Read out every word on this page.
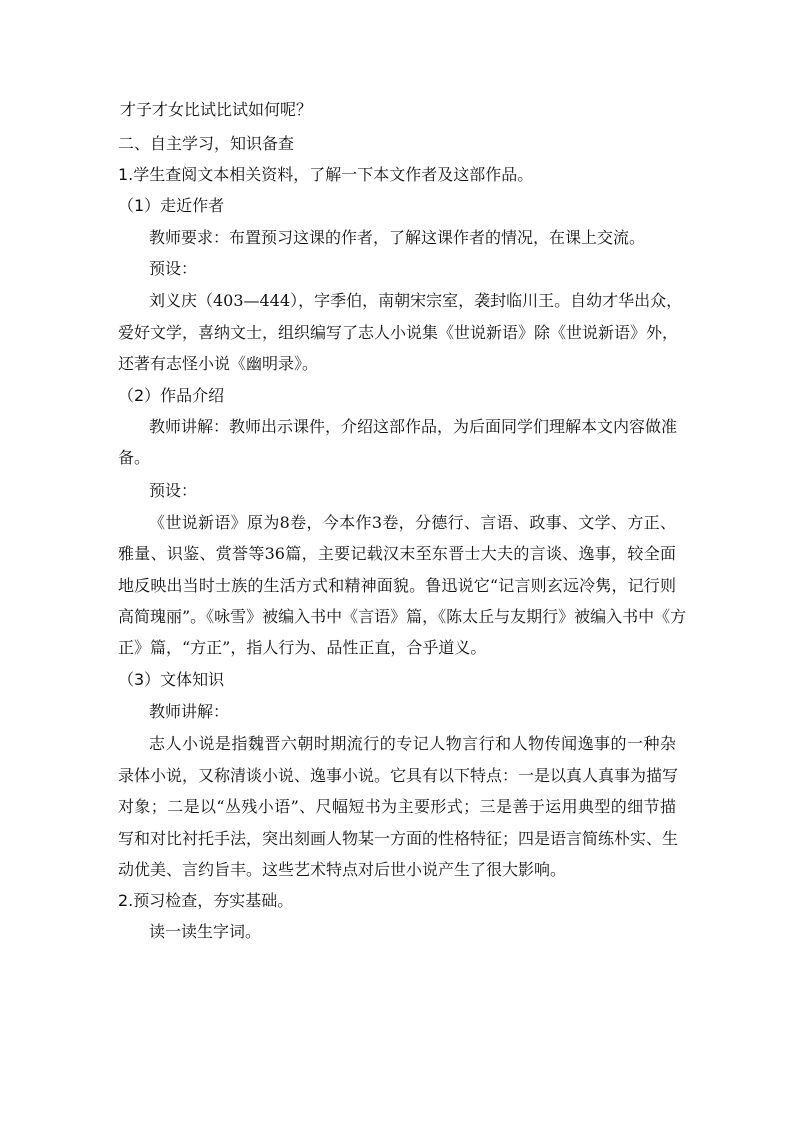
才子才女比试比试如何呢？
二、自主学习，知识备查
1.学生查阅文本相关资料，了解一下本文作者及这部作品。
（1）走近作者
教师要求：布置预习这课的作者，了解这课作者的情况，在课上交流。
预设：
刘义庆（403—444），字季伯，南朝宋宗室，袭封临川王。自幼才华出众，
爱好文学，喜纳文士，组织编写了志人小说集《世说新语》除《世说新语》外，
还著有志怪小说《幽明录》。
（2）作品介绍
教师讲解：教师出示课件，介绍这部作品，为后面同学们理解本文内容做准
备。
预设：
《世说新语》原为8卷，今本作3卷，分德行、言语、政事、文学、方正、
雅量、识鉴、赏誉等36篇，主要记载汉末至东晋士大夫的言谈、逸事，较全面
地反映出当时士族的生活方式和精神面貌。鲁迅说它“记言则玄远冷隽，记行则
高简瑰丽”。《咏雪》被编入书中《言语》篇，《陈太丘与友期行》被编入书中《方
正》篇，“方正”，指人行为、品性正直，合乎道义。
（3）文体知识
教师讲解：
志人小说是指魏晋六朝时期流行的专记人物言行和人物传闻逸事的一种杂
录体小说，又称清谈小说、逸事小说。它具有以下特点：一是以真人真事为描写
对象；二是以“丛残小语”、尺幅短书为主要形式；三是善于运用典型的细节描
写和对比衬托手法，突出刻画人物某一方面的性格特征；四是语言简练朴实、生
动优美、言约旨丰。这些艺术特点对后世小说产生了很大影响。
2.预习检查，夯实基础。
读一读生字词。
